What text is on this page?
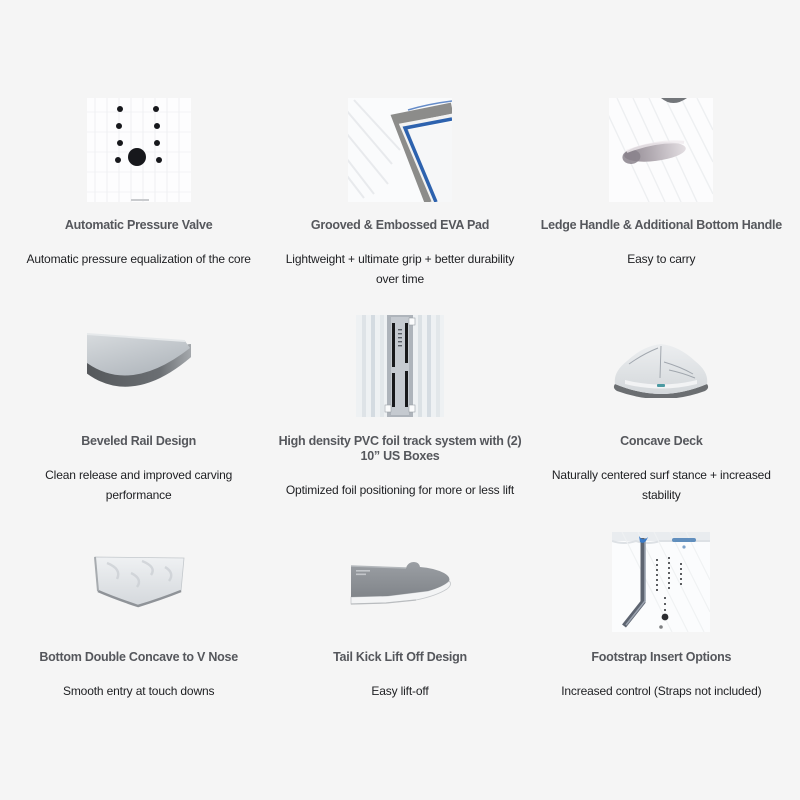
Automatic Pressure Valve

Automatic pressure equalization of the core

Grooved & Embossed EVA Pad

Lightweight + ultimate grip + better durability over time

Ledge Handle & Additional Bottom Handle

Easy to carry

Beveled Rail Design

Clean release and improved carving performance

High density PVC foil track system with (2) 10” US Boxes

Optimized foil positioning for more or less lift

Concave Deck

Naturally centered surf stance + increased stability

Bottom Double Concave to V Nose

Smooth entry at touch downs

Tail Kick Lift Off Design

Easy lift-off

Footstrap Insert Options

Increased control (Straps not included)
